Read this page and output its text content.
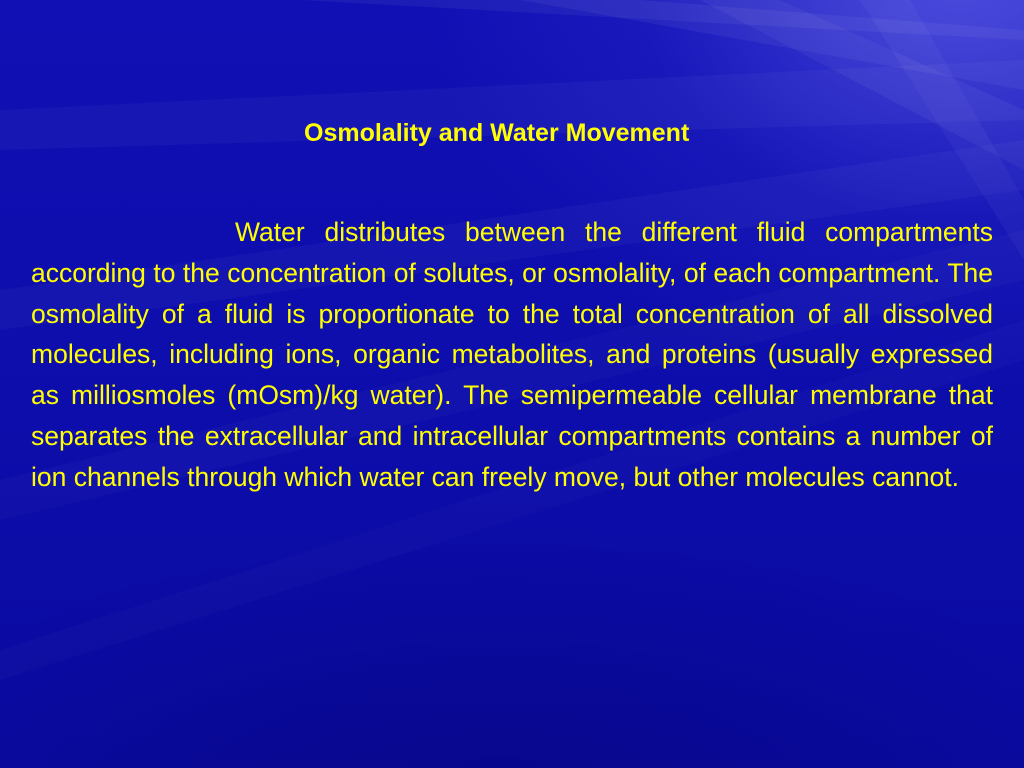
Osmolality and Water Movement

Water distributes between the different fluid compartments according to the concentration of solutes, or osmolality, of each compartment. The osmolality of a fluid is proportionate to the total concentration of all dissolved molecules, including ions, organic metabolites, and proteins (usually expressed as milliosmoles (mOsm)/kg water). The semipermeable cellular membrane that separates the extracellular and intracellular compartments contains a number of ion channels through which water can freely move, but other molecules cannot.
